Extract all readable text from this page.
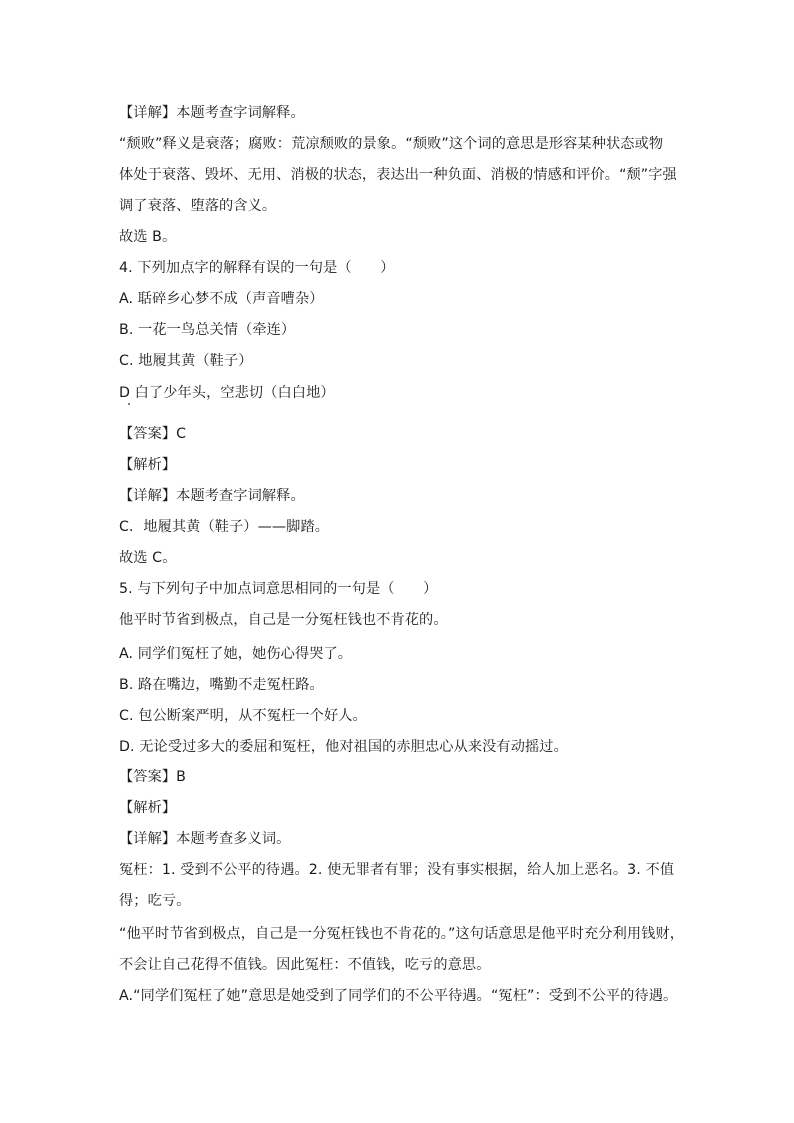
【详解】本题考查字词解释。
“颓败”释义是衰落；腐败：荒凉颓败的景象。“颓败”这个词的意思是形容某种状态或物
体处于衰落、毁坏、无用、消极的状态，表达出一种负面、消极的情感和评价。“颓”字强
调了衰落、堕落的含义。
故选 B。
4. 下列加点字的解释有误的一句是（　　）
A. 聒碎乡心梦不成（声音嘈杂）
B. 一花一鸟总关情（牵连）
C. 地履其黄（鞋子）
D 白了少年头，空悲切（白白地）
【答案】C
【解析】
【详解】本题考查字词解释。
C．地履其黄（鞋子）——脚踏。
故选 C。
5. 与下列句子中加点词意思相同的一句是（　　）
他平时节省到极点，自己是一分冤枉钱也不肯花的。
A. 同学们冤枉了她，她伤心得哭了。
B. 路在嘴边，嘴勤不走冤枉路。
C. 包公断案严明，从不冤枉一个好人。
D. 无论受过多大的委屈和冤枉，他对祖国的赤胆忠心从来没有动摇过。
【答案】B
【解析】
【详解】本题考查多义词。
冤枉：1. 受到不公平的待遇。2. 使无罪者有罪；没有事实根据，给人加上恶名。3. 不值
得；吃亏。
“他平时节省到极点，自己是一分冤枉钱也不肯花的。”这句话意思是他平时充分利用钱财，
不会让自己花得不值钱。因此冤枉：不值钱，吃亏的意思。
A.“同学们冤枉了她”意思是她受到了同学们的不公平待遇。“冤枉”：受到不公平的待遇。
